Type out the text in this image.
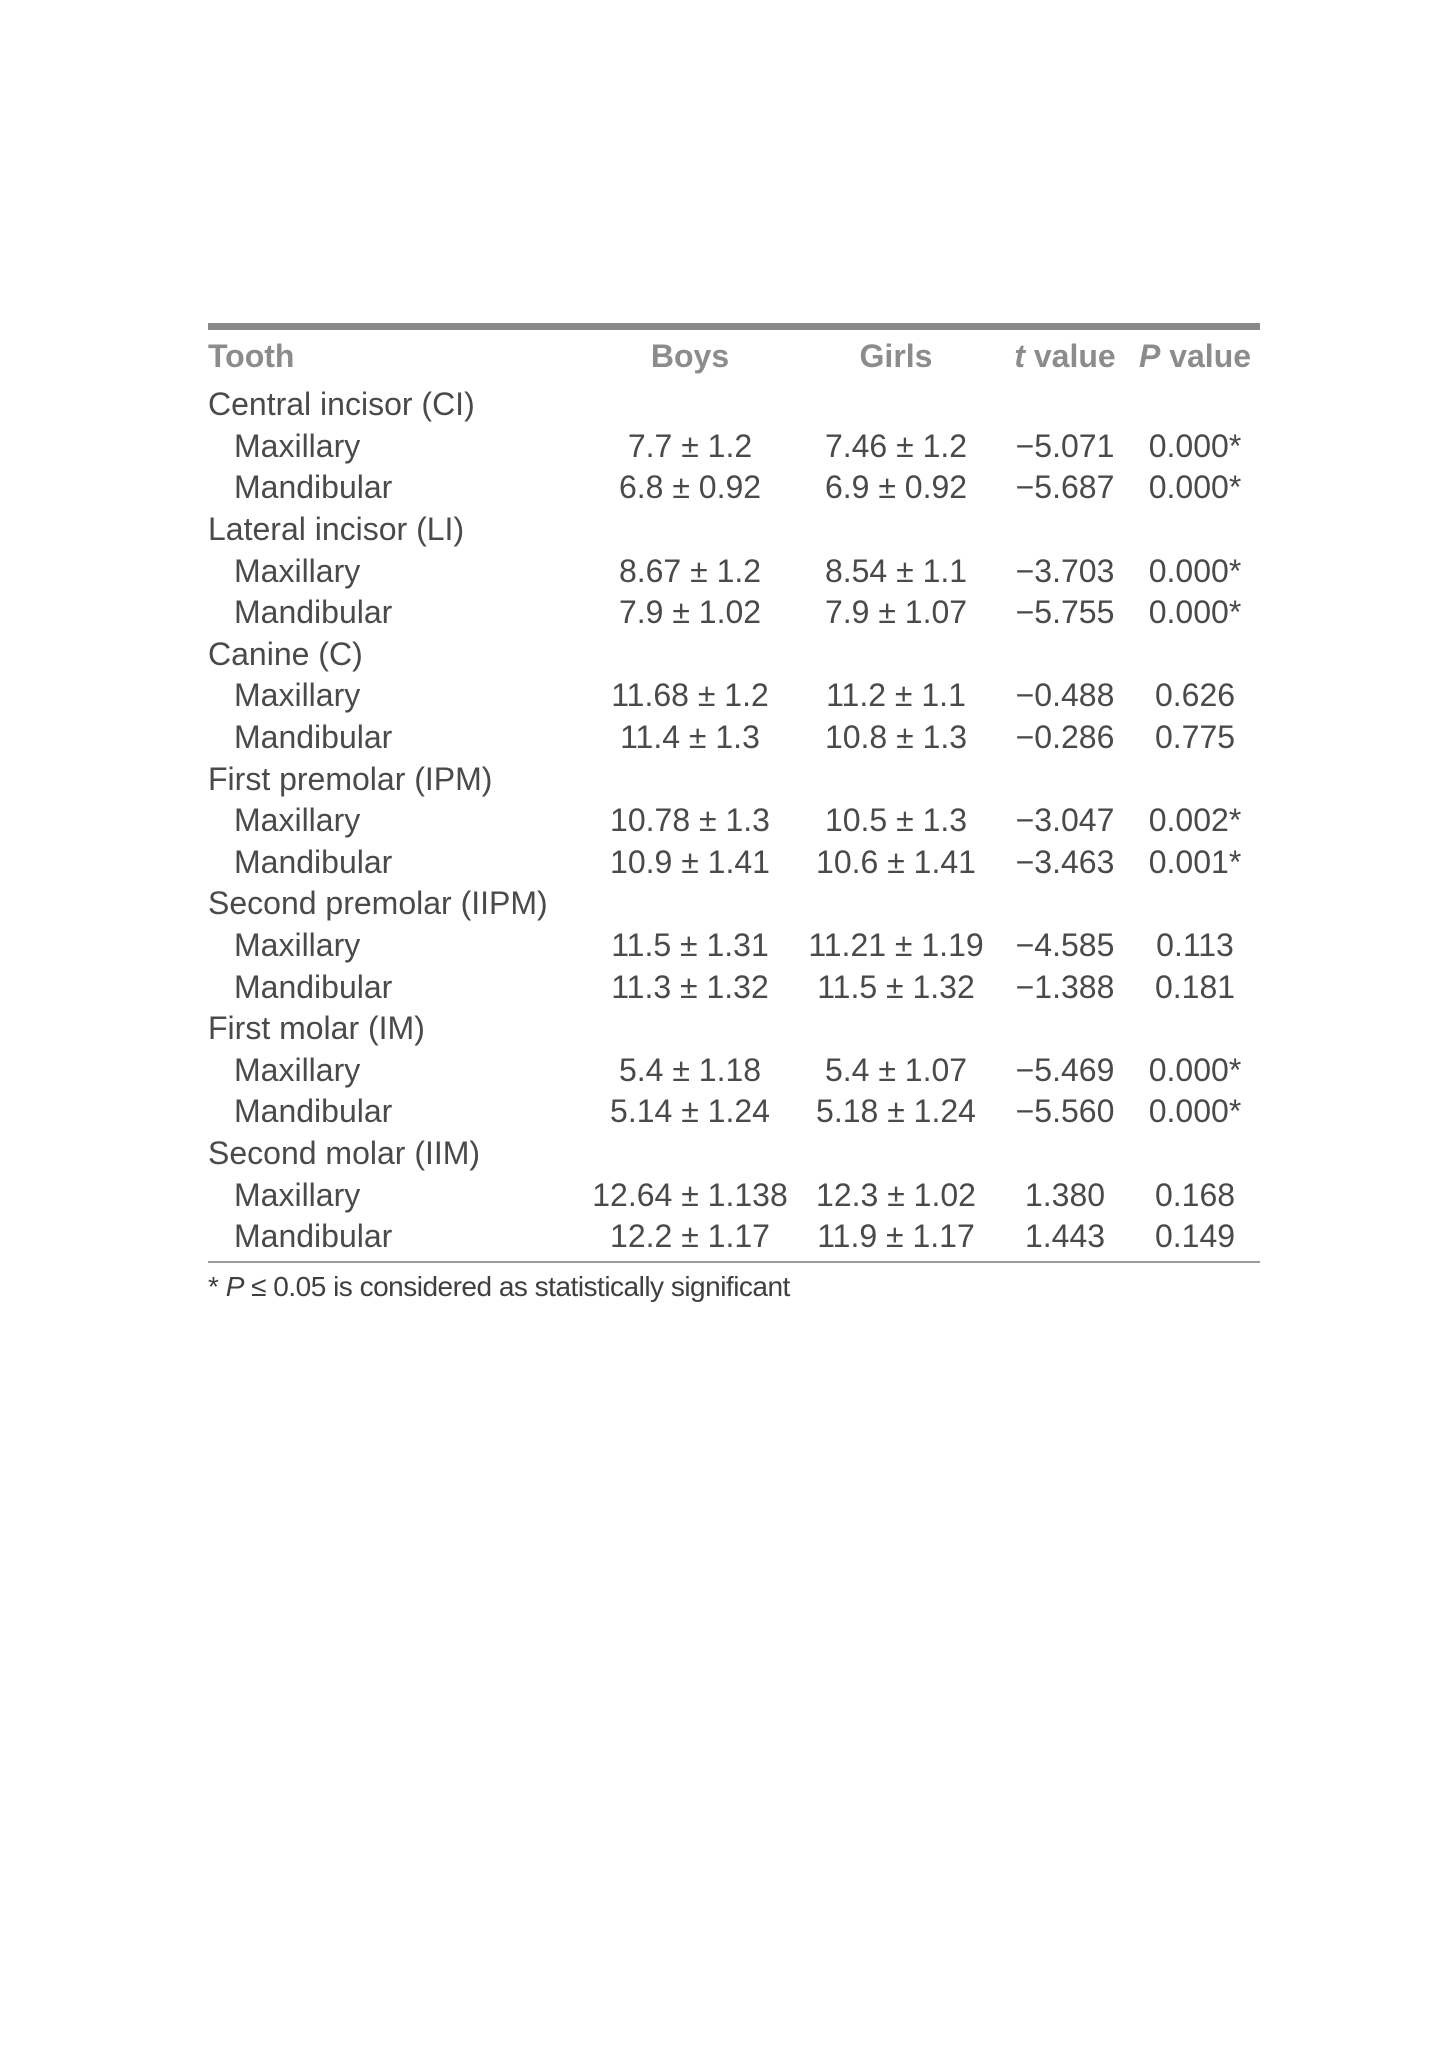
Tooth	Boys	Girls	t value	P value
Central incisor (CI)				
Maxillary	7.7 ± 1.2	7.46 ± 1.2	−5.071	0.000*
Mandibular	6.8 ± 0.92	6.9 ± 0.92	−5.687	0.000*
Lateral incisor (LI)				
Maxillary	8.67 ± 1.2	8.54 ± 1.1	−3.703	0.000*
Mandibular	7.9 ± 1.02	7.9 ± 1.07	−5.755	0.000*
Canine (C)				
Maxillary	11.68 ± 1.2	11.2 ± 1.1	−0.488	0.626
Mandibular	11.4 ± 1.3	10.8 ± 1.3	−0.286	0.775
First premolar (IPM)				
Maxillary	10.78 ± 1.3	10.5 ± 1.3	−3.047	0.002*
Mandibular	10.9 ± 1.41	10.6 ± 1.41	−3.463	0.001*
Second premolar (IIPM)				
Maxillary	11.5 ± 1.31	11.21 ± 1.19	−4.585	0.113
Mandibular	11.3 ± 1.32	11.5 ± 1.32	−1.388	0.181
First molar (IM)				
Maxillary	5.4 ± 1.18	5.4 ± 1.07	−5.469	0.000*
Mandibular	5.14 ± 1.24	5.18 ± 1.24	−5.560	0.000*
Second molar (IIM)				
Maxillary	12.64 ± 1.138	12.3 ± 1.02	1.380	0.168
Mandibular	12.2 ± 1.17	11.9 ± 1.17	1.443	0.149
* P ≤ 0.05 is considered as statistically significant
